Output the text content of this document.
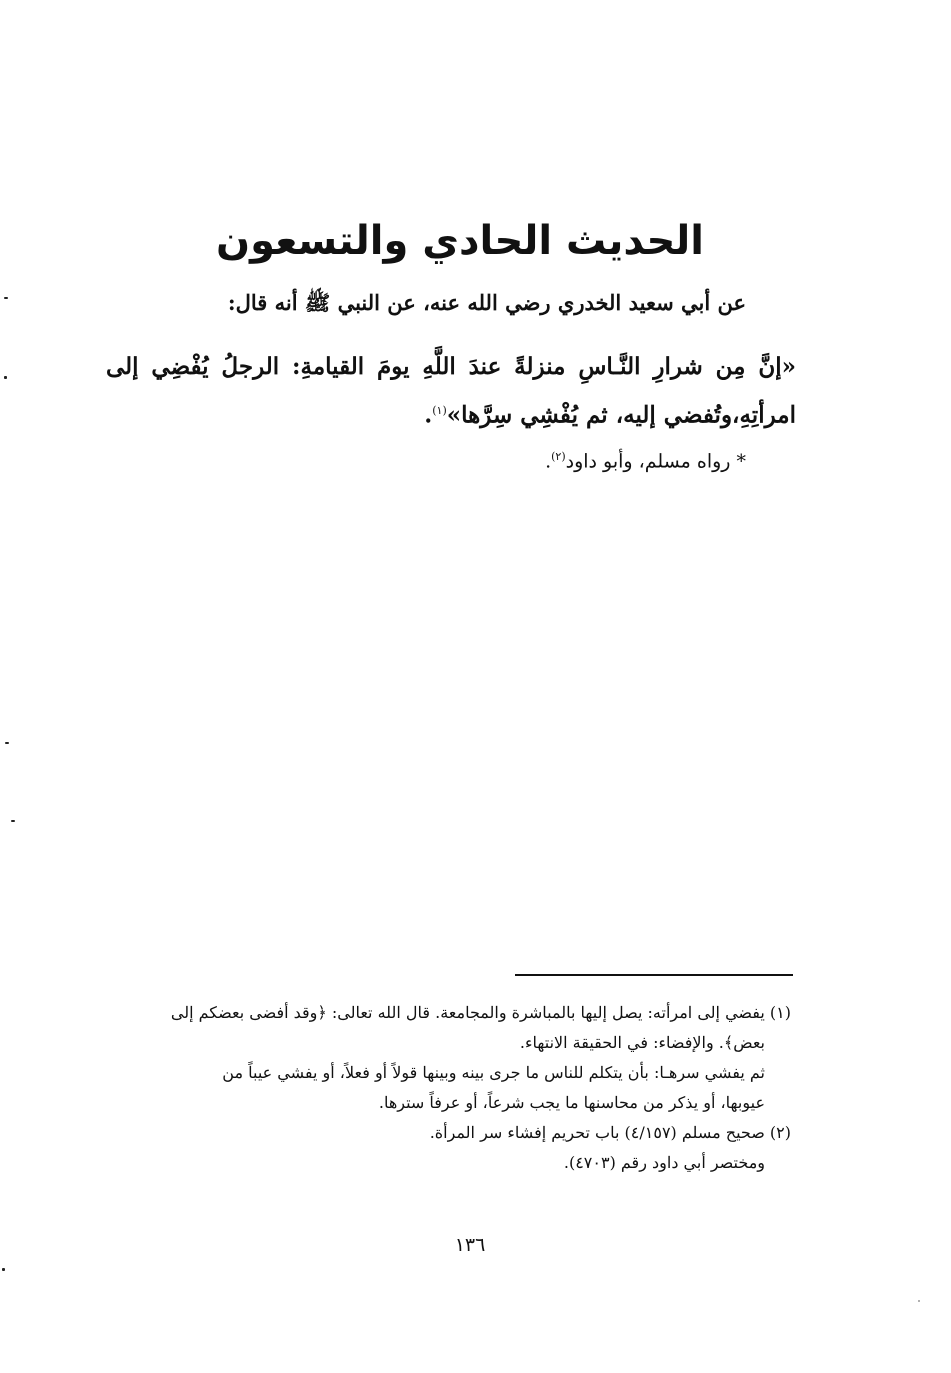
الحديث الحادي والتسعون
عن أبي سعيد الخدري رضي الله عنه، عن النبي ﷺ أنه قال:
«إنَّ مِن شرارِ النَّـاسِ منزلةً عندَ اللَّهِ يومَ القيامةِ: الرجلُ يُفْضِي إلى امرأتِهِ،وتُفضي إليه، ثم يُفْشِي سِرَّها»$^{(١)}$.
* رواه مسلم، وأبو داود$^{(٢)}$.

(١) يفضي إلى امرأته: يصل إليها بالمباشرة والمجامعة. قال الله تعالى: ﴿وقد أفضى بعضكم إلى

بعض﴾. والإفضاء: في الحقيقة الانتهاء.

ثم يفشي سرهـا: بأن يتكلم للناس ما جرى بينه وبينها قولاً أو فعلاً، أو يفشي عيباً من

عيوبها، أو يذكر من محاسنها ما يجب شرعاً، أو عرفاً سترها.

(٢) صحيح مسلم (٤/١٥٧) باب تحريم إفشاء سر المرأة.

ومختصر أبي داود رقم (٤٧٠٣).

١٣٦
